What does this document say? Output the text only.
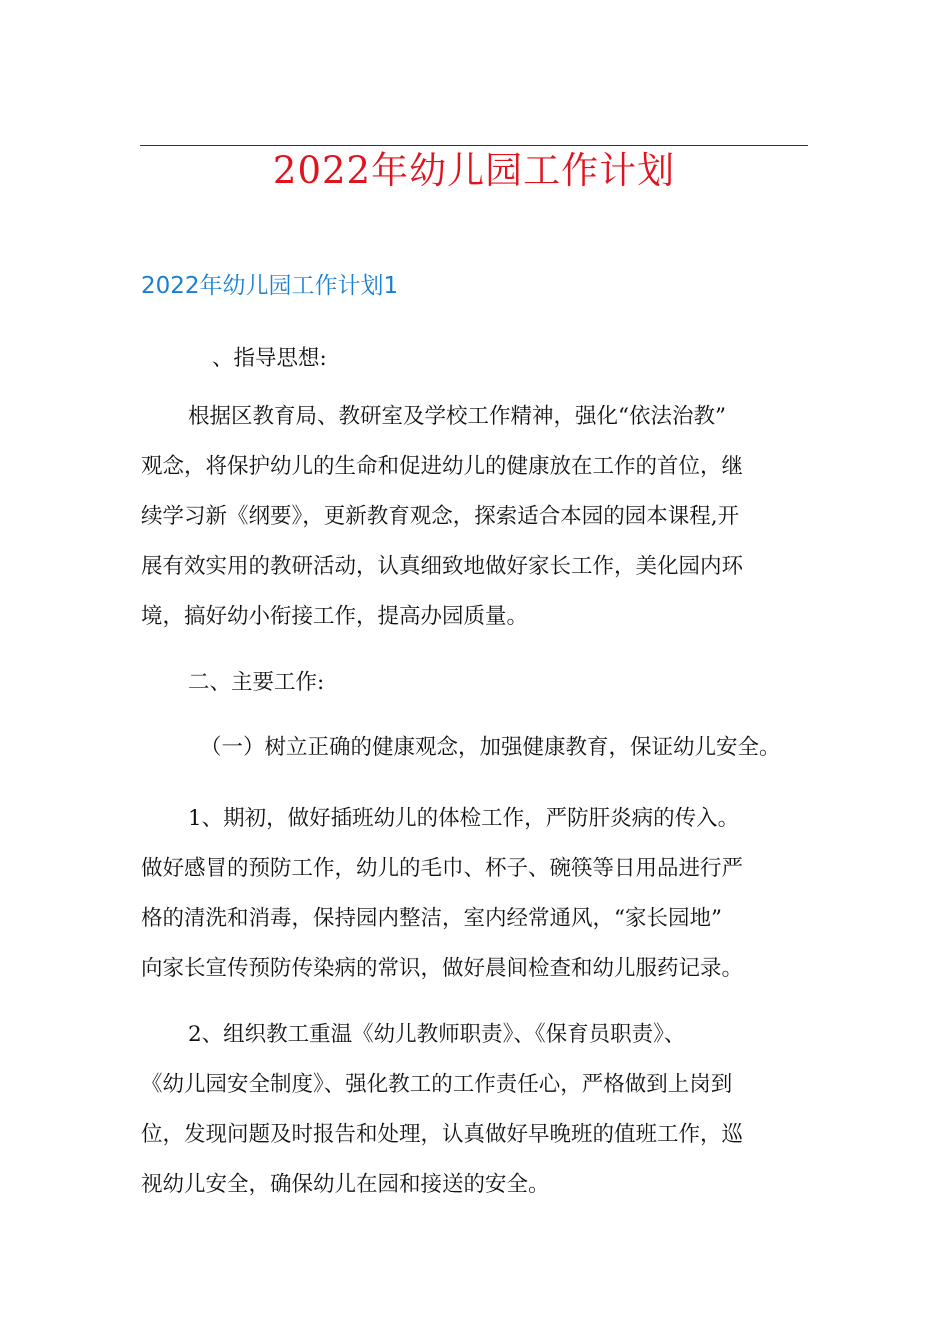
2022年幼儿园工作计划
2022年幼儿园工作计划1
、指导思想:
根据区教育局、教研室及学校工作精神，强化“依法治教”
观念，将保护幼儿的生命和促进幼儿的健康放在工作的首位，继
续学习新《纲要》，更新教育观念，探索适合本园的园本课程,开
展有效实用的教研活动，认真细致地做好家长工作，美化园内环
境，搞好幼小衔接工作，提高办园质量。
二、主要工作:
（一）树立正确的健康观念，加强健康教育，保证幼儿安全。
1、期初，做好插班幼儿的体检工作，严防肝炎病的传入。
做好感冒的预防工作，幼儿的毛巾、杯子、碗筷等日用品进行严
格的清洗和消毒，保持园内整洁，室内经常通风，“家长园地”
向家长宣传预防传染病的常识，做好晨间检查和幼儿服药记录。
2、组织教工重温《幼儿教师职责》、《保育员职责》、
《幼儿园安全制度》、强化教工的工作责任心，严格做到上岗到
位，发现问题及时报告和处理，认真做好早晚班的值班工作，巡
视幼儿安全，确保幼儿在园和接送的安全。
